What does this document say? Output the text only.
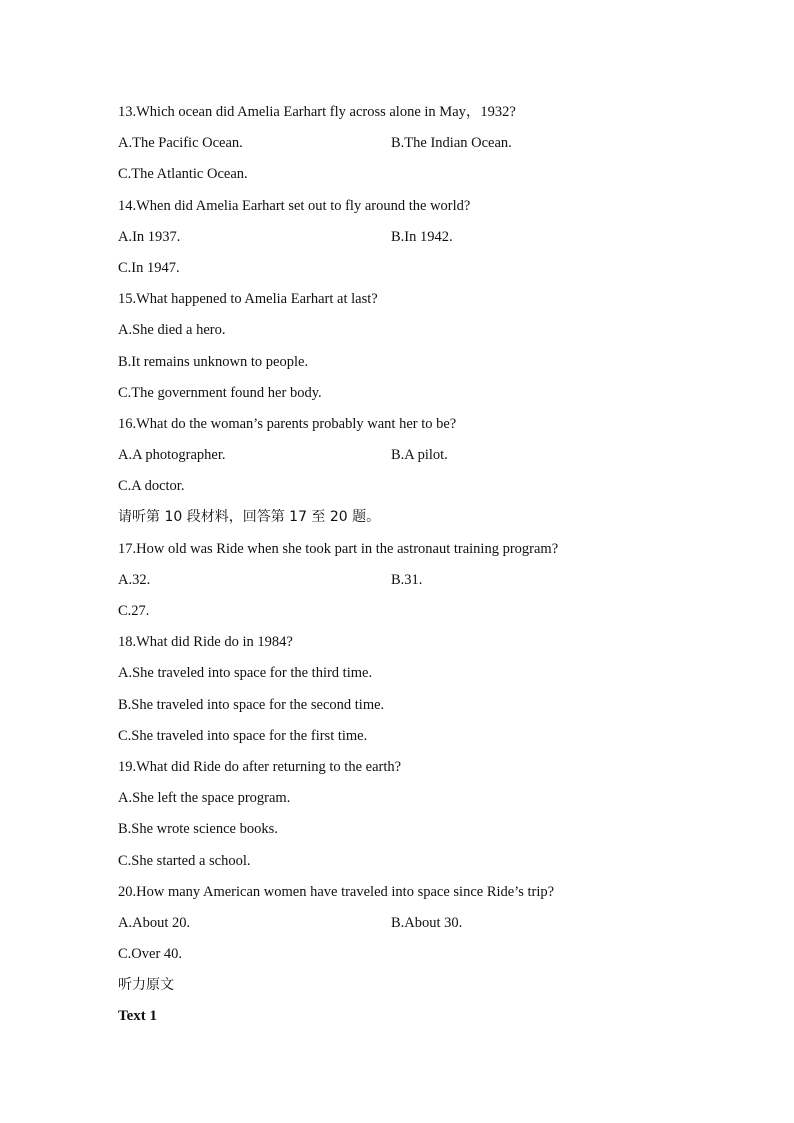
13.Which ocean did Amelia Earhart fly across alone in May，1932?
A.The Pacific Ocean.	B.The Indian Ocean.
C.The Atlantic Ocean.
14.When did Amelia Earhart set out to fly around the world?
A.In 1937.	B.In 1942.
C.In 1947.
15.What happened to Amelia Earhart at last?
A.She died a hero.
B.It remains unknown to people.
C.The government found her body.
16.What do the woman’s parents probably want her to be?
A.A photographer.	B.A pilot.
C.A doctor.
请听第 10 段材料，回答第 17 至 20 题。
17.How old was Ride when she took part in the astronaut training program?
A.32.	B.31.
C.27.
18.What did Ride do in 1984?
A.She traveled into space for the third time.
B.She traveled into space for the second time.
C.She traveled into space for the first time.
19.What did Ride do after returning to the earth?
A.She left the space program.
B.She wrote science books.
C.She started a school.
20.How many American women have traveled into space since Ride’s trip?
A.About 20.	B.About 30.
C.Over 40.
听力原文
Text 1
